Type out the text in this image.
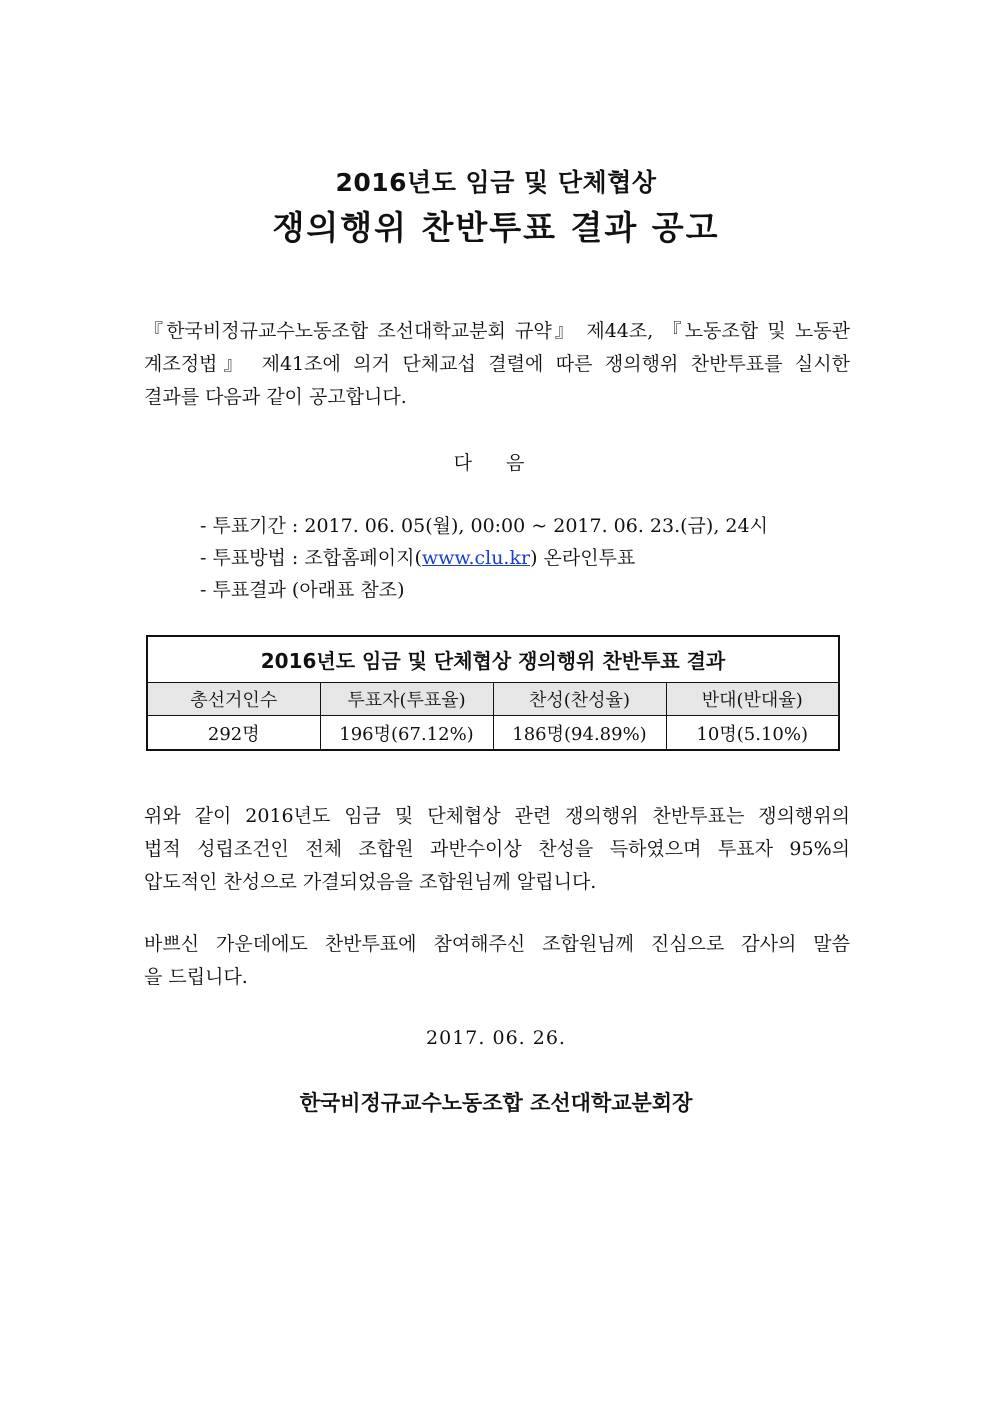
2016년도 임금 및 단체협상
쟁의행위 찬반투표 결과 공고
『한국비정규교수노동조합 조선대학교분회 규약』 제44조, 『노동조합 및 노동관
계조정법』 제41조에 의거 단체교섭 결렬에 따른 쟁의행위 찬반투표를 실시한
결과를 다음과 같이 공고합니다.
다 음
- 투표기간 : 2017. 06. 05(월), 00:00 ~ 2017. 06. 23.(금), 24시
- 투표방법 : 조합홈페이지(www.clu.kr) 온라인투표
- 투표결과 (아래표 참조)
2016년도 임금 및 단체협상 쟁의행위 찬반투표 결과			
총선거인수	투표자(투표율)	찬성(찬성율)	반대(반대율)
292명	196명(67.12%)	186명(94.89%)	10명(5.10%)
위와 같이 2016년도 임금 및 단체협상 관련 쟁의행위 찬반투표는 쟁의행위의
법적 성립조건인 전체 조합원 과반수이상 찬성을 득하였으며 투표자 95%의
압도적인 찬성으로 가결되었음을 조합원님께 알립니다.
바쁘신 가운데에도 찬반투표에 참여해주신 조합원님께 진심으로 감사의 말씀
을 드립니다.
2017. 06. 26.
한국비정규교수노동조합 조선대학교분회장
